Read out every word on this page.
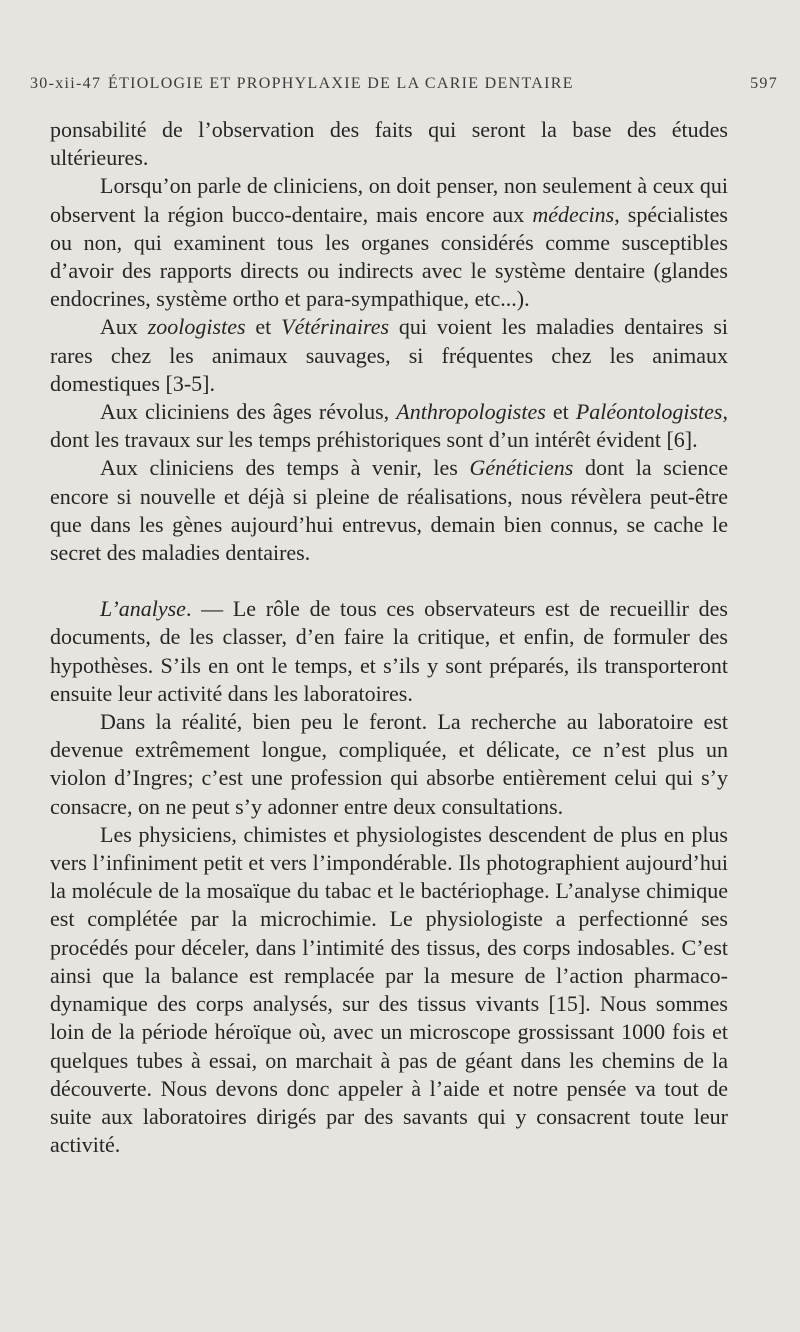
30-xii-47 ÉTIOLOGIE ET PROPHYLAXIE DE LA CARIE DENTAIRE	597

ponsabilité de l’observation des faits qui seront la base des études ultérieures.

Lorsqu’on parle de cliniciens, on doit penser, non seulement à ceux qui observent la région bucco-dentaire, mais encore aux médecins, spécialistes ou non, qui examinent tous les organes considérés comme susceptibles d’avoir des rapports directs ou indirects avec le système dentaire (glandes endocrines, système ortho et para-sympathique, etc...).

Aux zoologistes et Vétérinaires qui voient les maladies dentaires si rares chez les animaux sauvages, si fréquentes chez les animaux domestiques [3-5].

Aux cliciniens des âges révolus, Anthropologistes et Paléontologistes, dont les travaux sur les temps préhistoriques sont d’un intérêt évident [6].

Aux cliniciens des temps à venir, les Généticiens dont la science encore si nouvelle et déjà si pleine de réalisations, nous révèlera peut-être que dans les gènes aujourd’hui entrevus, demain bien connus, se cache le secret des maladies dentaires.

L’analyse. — Le rôle de tous ces observateurs est de recueillir des documents, de les classer, d’en faire la critique, et enfin, de formuler des hypothèses. S’ils en ont le temps, et s’ils y sont préparés, ils transporteront ensuite leur activité dans les laboratoires.

Dans la réalité, bien peu le feront. La recherche au laboratoire est devenue extrêmement longue, compliquée, et délicate, ce n’est plus un violon d’Ingres; c’est une profession qui absorbe entièrement celui qui s’y consacre, on ne peut s’y adonner entre deux consultations.

Les physiciens, chimistes et physiologistes descendent de plus en plus vers l’infiniment petit et vers l’impondérable. Ils photographient aujourd’hui la molécule de la mosaïque du tabac et le bactériophage. L’analyse chimique est complétée par la microchimie. Le physiologiste a perfectionné ses procédés pour déceler, dans l’intimité des tissus, des corps indosables. C’est ainsi que la balance est remplacée par la mesure de l’action pharmacodynamique des corps analysés, sur des tissus vivants [15]. Nous sommes loin de la période héroïque où, avec un microscope grossissant 1000 fois et quelques tubes à essai, on marchait à pas de géant dans les chemins de la découverte. Nous devons donc appeler à l’aide et notre pensée va tout de suite aux laboratoires dirigés par des savants qui y consacrent toute leur activité.
